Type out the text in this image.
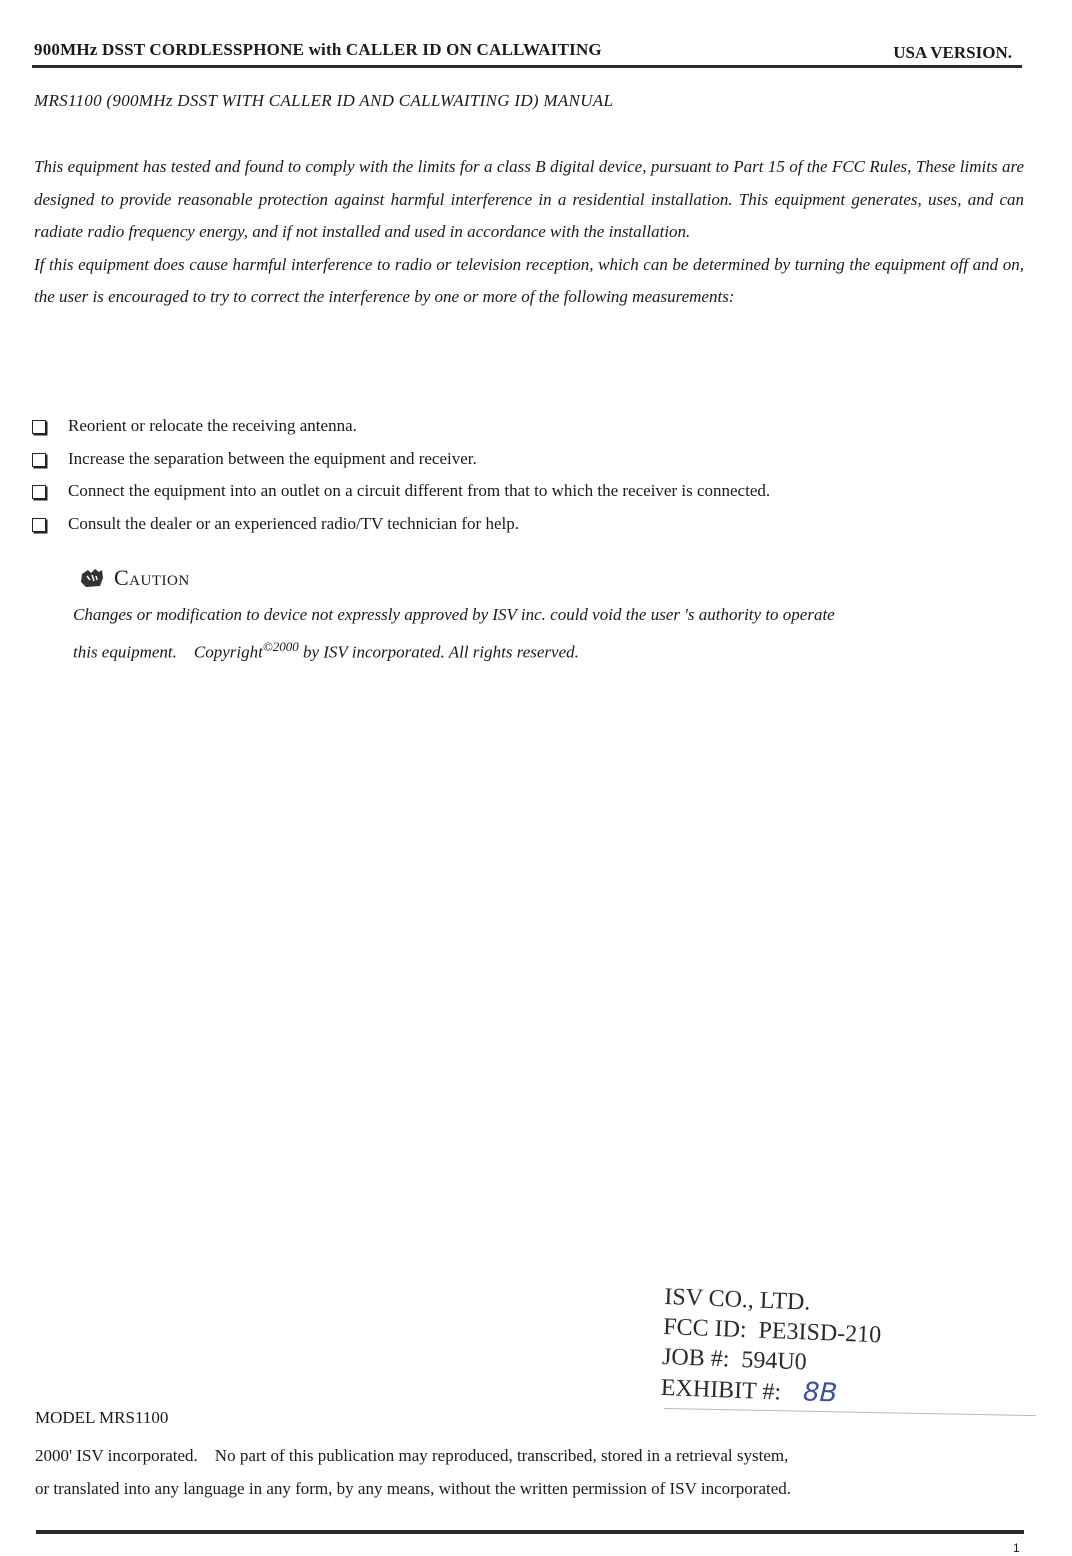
900MHz DSST CORDLESSPHONE with CALLER ID ON CALLWAITING	USA VERSION.
MRS1100 (900MHz DSST WITH CALLER ID AND CALLWAITING ID) MANUAL

This equipment has tested and found to comply with the limits for a class B digital device, pursuant to Part 15 of the FCC Rules, These limits are designed to provide reasonable protection against harmful interference in a residential installation. This equipment generates, uses, and can radiate radio frequency energy, and if not installed and used in accordance with the installation.

If this equipment does cause harmful interference to radio or television reception, which can be determined by turning the equipment off and on, the user is encouraged to try to correct the interference by one or more of the following measurements:

Reorient or relocate the receiving antenna.
Increase the separation between the equipment and receiver.
Connect the equipment into an outlet on a circuit different from that to which the receiver is connected.
Consult the dealer or an experienced radio/TV technician for help.
Caution

Changes or modification to device not expressly approved by ISV inc. could void the user 's authority to operate

this equipment.    Copyright$^{©2000}$ by ISV incorporated. All rights reserved.

ISV CO., LTD.
FCC ID:  PE3ISD-210
JOB #:  594U0
EXHIBIT #: 8B
MODEL MRS1100

2000' ISV incorporated.    No part of this publication may reproduced, transcribed, stored in a retrieval system,

or translated into any language in any form, by any means, without the written permission of ISV incorporated.

1
